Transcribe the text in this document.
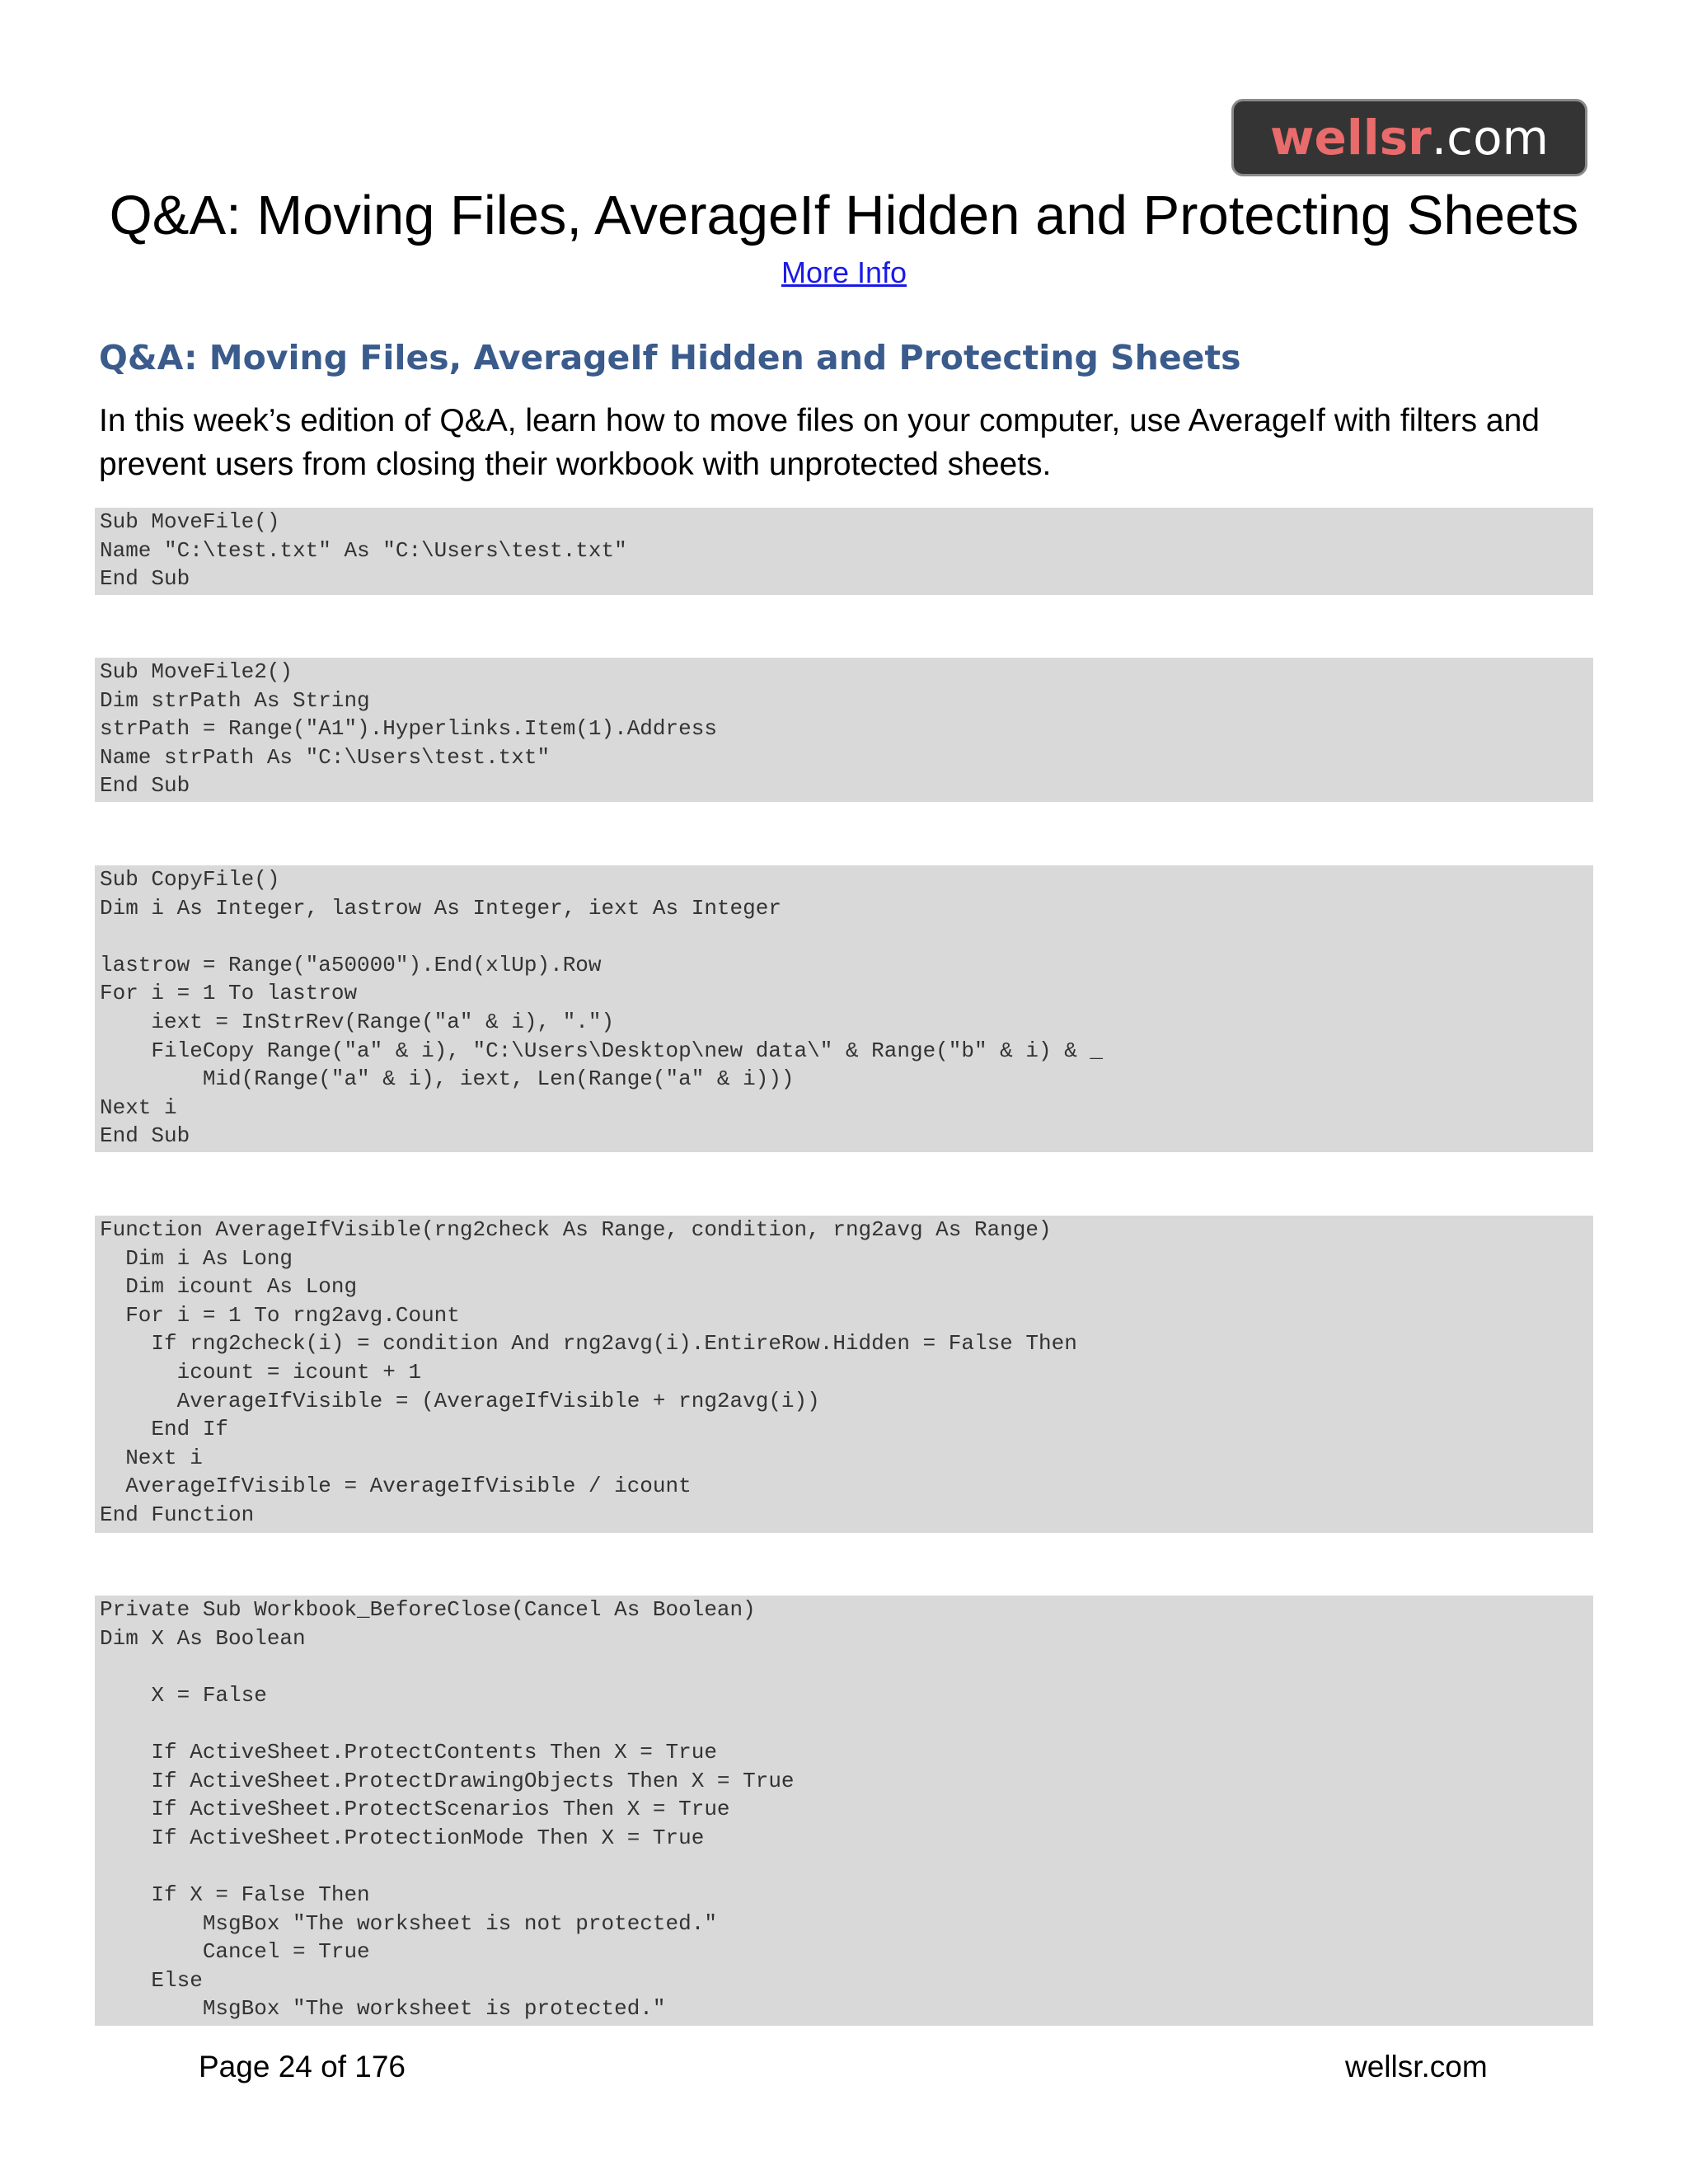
wellsr .com
Q&A: Moving Files, AverageIf Hidden and Protecting Sheets
More Info
Q&A: Moving Files, AverageIf Hidden and Protecting Sheets

In this week’s edition of Q&A, learn how to move files on your computer, use AverageIf with filters and prevent users from closing their workbook with unprotected sheets.

Sub MoveFile()
Name "C:\test.txt" As "C:\Users\test.txt"
End Sub
Sub MoveFile2()
Dim strPath As String
strPath = Range("A1").Hyperlinks.Item(1).Address
Name strPath As "C:\Users\test.txt"
End Sub
Sub CopyFile()
Dim i As Integer, lastrow As Integer, iext As Integer

lastrow = Range("a50000").End(xlUp).Row
For i = 1 To lastrow
iext = InStrRev(Range("a" & i), ".")
FileCopy Range("a" & i), "C:\Users\Desktop\new data\" & Range("b" & i) & _
Mid(Range("a" & i), iext, Len(Range("a" & i)))
Next i
End Sub
Function AverageIfVisible(rng2check As Range, condition, rng2avg As Range)
Dim i As Long
Dim icount As Long
For i = 1 To rng2avg.Count
If rng2check(i) = condition And rng2avg(i).EntireRow.Hidden = False Then
icount = icount + 1
AverageIfVisible = (AverageIfVisible + rng2avg(i))
End If
Next i
AverageIfVisible = AverageIfVisible / icount
End Function
Private Sub Workbook_BeforeClose(Cancel As Boolean)
Dim X As Boolean

X = False

If ActiveSheet.ProtectContents Then X = True
If ActiveSheet.ProtectDrawingObjects Then X = True
If ActiveSheet.ProtectScenarios Then X = True
If ActiveSheet.ProtectionMode Then X = True

If X = False Then
MsgBox "The worksheet is not protected."
Cancel = True
Else
MsgBox "The worksheet is protected."
Page 24 of 176	wellsr.com
